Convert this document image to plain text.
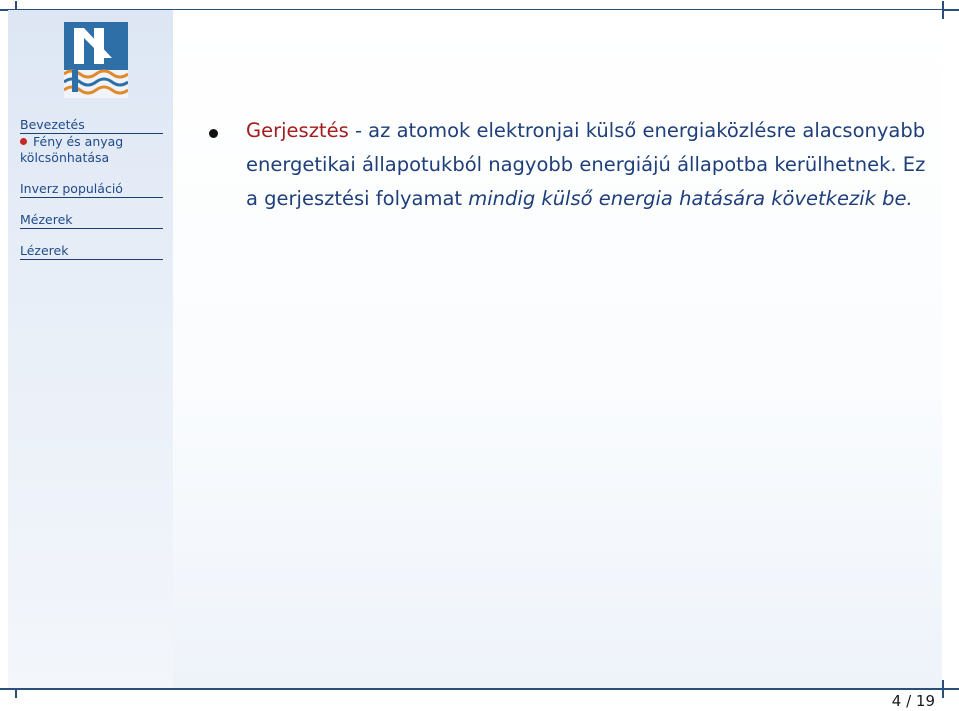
Bevezetés
Fény és anyag
kölcsönhatása
Inverz populáció
Mézerek
Lézerek
Gerjesztés - az atomok elektronjai külső energiaközlésre alacsonyabb energetikai állapotukból nagyobb energiájú állapotba kerülhetnek. Ez a gerjesztési folyamat mindig külső energia hatására következik be.
4 / 19
